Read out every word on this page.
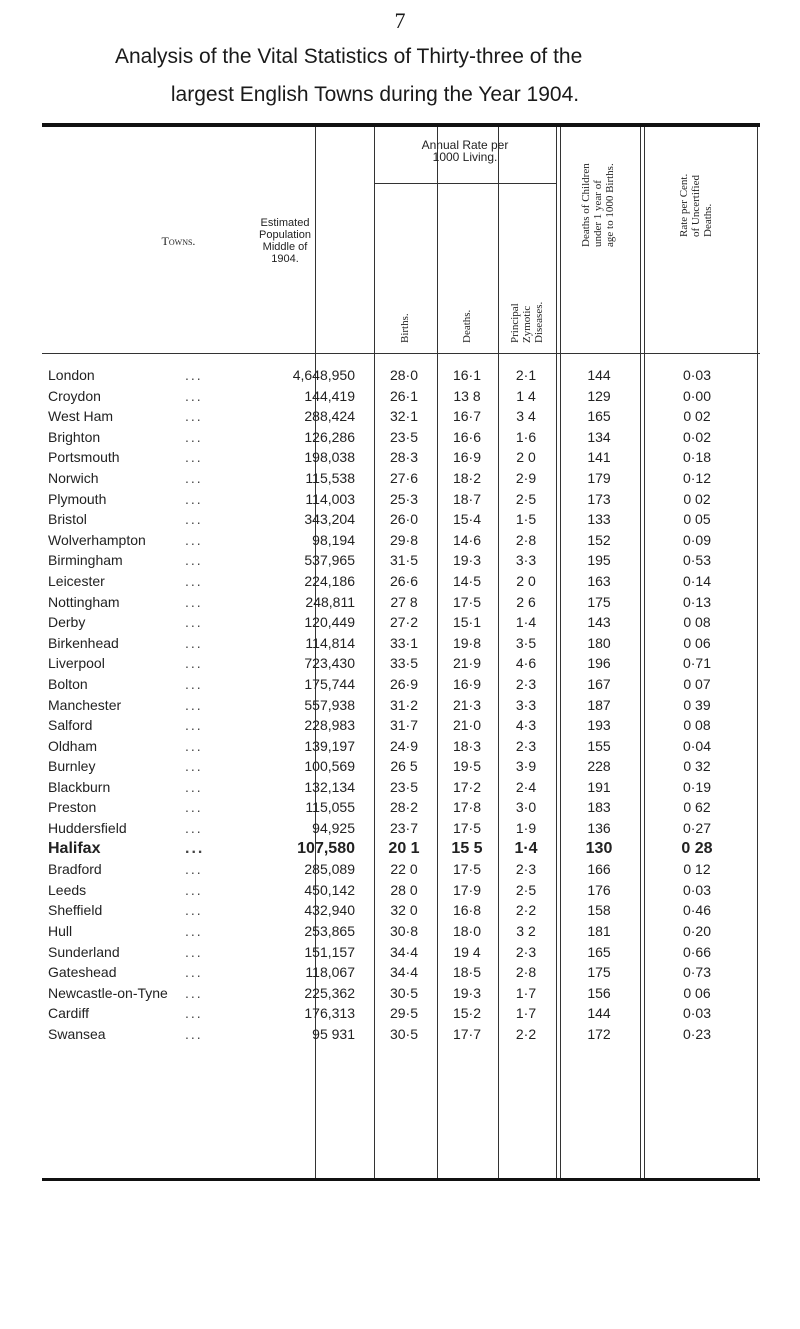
7
Analysis of the Vital Statistics of Thirty-three of the
largest English Towns during the Year 1904.
Towns.
Estimated
Population
Middle of
1904.
Annual Rate per
1000 Living.
Births.	Deaths.	Principal
Zymotic
Diseases.
Deaths of Children
under 1 year of
age to 1000 Births.
Rate per Cent.
of Uncertified
Deaths.
London	...	4,648,950	28·0	16·1	2·1	144	0·03
Croydon	...	144,419	26·1	13 8	1 4	129	0·00
West Ham	...	288,424	32·1	16·7	3 4	165	0 02
Brighton	...	126,286	23·5	16·6	1·6	134	0·02
Portsmouth	...	198,038	28·3	16·9	2 0	141	0·18
Norwich	...	115,538	27·6	18·2	2·9	179	0·12
Plymouth	...	114,003	25·3	18·7	2·5	173	0 02
Bristol	...	343,204	26·0	15·4	1·5	133	0 05
Wolverhampton	...	98,194	29·8	14·6	2·8	152	0·09
Birmingham	...	537,965	31·5	19·3	3·3	195	0·53
Leicester	...	224,186	26·6	14·5	2 0	163	0·14
Nottingham	...	248,811	27 8	17·5	2 6	175	0·13
Derby	...	120,449	27·2	15·1	1·4	143	0 08
Birkenhead	...	114,814	33·1	19·8	3·5	180	0 06
Liverpool	...	723,430	33·5	21·9	4·6	196	0·71
Bolton	...	175,744	26·9	16·9	2·3	167	0 07
Manchester	...	557,938	31·2	21·3	3·3	187	0 39
Salford	...	228,983	31·7	21·0	4·3	193	0 08
Oldham	...	139,197	24·9	18·3	2·3	155	0·04
Burnley	...	100,569	26 5	19·5	3·9	228	0 32
Blackburn	...	132,134	23·5	17·2	2·4	191	0·19
Preston	...	115,055	28·2	17·8	3·0	183	0 62
Huddersfield	...	94,925	23·7	17·5	1·9	136	0·27
Halifax	...	107,580	20 1	15 5	1·4	130	0 28
Bradford	...	285,089	22 0	17·5	2·3	166	0 12
Leeds	...	450,142	28 0	17·9	2·5	176	0·03
Sheffield	...	432,940	32 0	16·8	2·2	158	0·46
Hull	...	253,865	30·8	18·0	3 2	181	0·20
Sunderland	...	151,157	34·4	19 4	2·3	165	0·66
Gateshead	...	118,067	34·4	18·5	2·8	175	0·73
Newcastle-on-Tyne ...	225,362	30·5	19·3	1·7	156	0 06
Cardiff	...	176,313	29·5	15·2	1·7	144	0·03
Swansea	...	95 931	30·5	17·7	2·2	172	0·23
